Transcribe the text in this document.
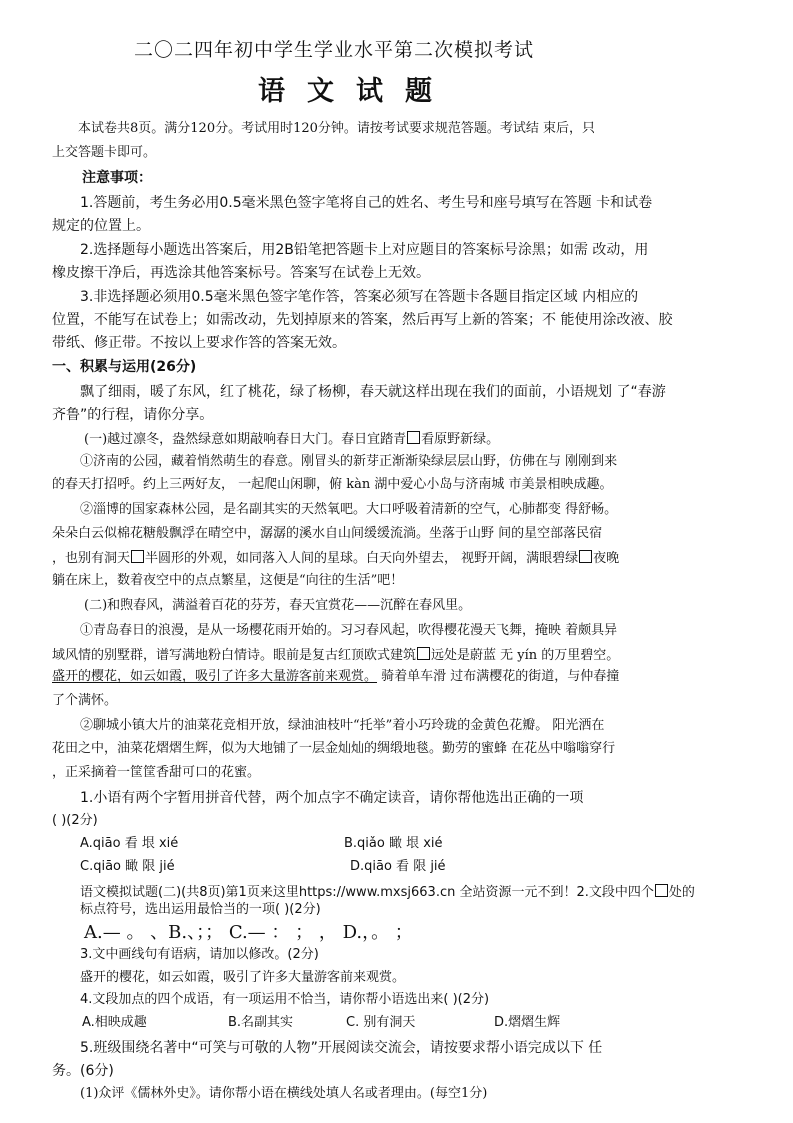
二〇二四年初中学生学业水平第二次模拟考试
语文试题
本试卷共8页。满分120分。考试用时120分钟。请按考试要求规范答题。考试结 束后，只
上交答题卡即可。
注意事项：
1.答题前，考生务必用0.5毫米黑色签字笔将自己的姓名、考生号和座号填写在答题 卡和试卷
规定的位置上。
2.选择题每小题选出答案后，用2B铅笔把答题卡上对应题目的答案标号涂黑；如需 改动，用
橡皮擦干净后，再选涂其他答案标号。答案写在试卷上无效。
3.非选择题必须用0.5毫米黑色签字笔作答，答案必须写在答题卡各题目指定区域 内相应的
位置，不能写在试卷上；如需改动，先划掉原来的答案，然后再写上新的答案；不 能使用涂改液、胶
带纸、修正带。不按以上要求作答的答案无效。
一、积累与运用(26分)
飘了细雨，暖了东风，红了桃花，绿了杨柳，春天就这样出现在我们的面前，小语规划 了“春游
齐鲁”的行程，请你分享。
(一)越过凛冬，盎然绿意如期敲响春日大门。春日宜踏青 看原野新绿。
①济南的公园，藏着悄然萌生的春意。刚冒头的新芽正渐渐染绿层层山野，仿佛在与 刚刚到来
的春天打招呼。约上三两好友， 一起爬山闲聊，俯 kàn 湖中爱心小岛与济南城 市美景相映成趣。
②淄博的国家森林公园，是名副其实的天然氧吧。大口呼吸着清新的空气，心肺都变 得舒畅。
朵朵白云似棉花糖般飘浮在晴空中，潺潺的溪水自山间缓缓流淌。坐落于山野 间的星空部落民宿
，也别有洞天 半圆形的外观，如同落入人间的星球。白天向外望去， 视野开阔，满眼碧绿 夜晚
躺在床上，数着夜空中的点点繁星，这便是“向往的生活”吧！
(二)和煦春风，满溢着百花的芬芳，春天宜赏花——沉醉在春风里。
①青岛春日的浪漫，是从一场樱花雨开始的。习习春风起，吹得樱花漫天飞舞，掩映 着颇具异
域风情的别墅群，谱写满地粉白情诗。眼前是复古红顶欧式建筑 远处是蔚蓝 无 yín 的万里碧空。
盛开的樱花，如云如霞，吸引了许多大量游客前来观赏。 骑着单车滑 过布满樱花的街道，与仲春撞
了个满怀。
②聊城小镇大片的油菜花竞相开放，绿油油枝叶“托举”着小巧玲珑的金黄色花瓣。 阳光洒在
花田之中，油菜花熠熠生辉，似为大地铺了一层金灿灿的绸缎地毯。勤劳的蜜蜂 在花丛中嗡嗡穿行
，正采摘着一筐筐香甜可口的花蜜。
1.小语有两个字暂用拼音代替，两个加点字不确定读音，请你帮他选出正确的一项
( )(2分)
A.qiāo 看 垠 xié	B.qiǎo 瞰 垠 xié
C.qiāo 瞰 限 jié	D.qiāo 看 限 jié
语文模拟试题(二)(共8页)第1页来这里https://www.mxsj663.cn 全站资源一元不到！2.文段中四个 处的
标点符号，选出运用最恰当的一项( )(2分)
A.— 。 、B.、；； C.— ： ； ， D.，。 ；
3.文中画线句有语病，请加以修改。(2分)
盛开的樱花，如云如霞，吸引了许多大量游客前来观赏。
4.文段加点的四个成语，有一项运用不恰当，请你帮小语选出来( )(2分)
A.相映成趣	B.名副其实	C. 别有洞天	D.熠熠生辉
5.班级围绕名著中“可笑与可敬的人物”开展阅读交流会，请按要求帮小语完成以下 任
务。(6分)
(1)众评《儒林外史》。请你帮小语在横线处填人名或者理由。(每空1分)
